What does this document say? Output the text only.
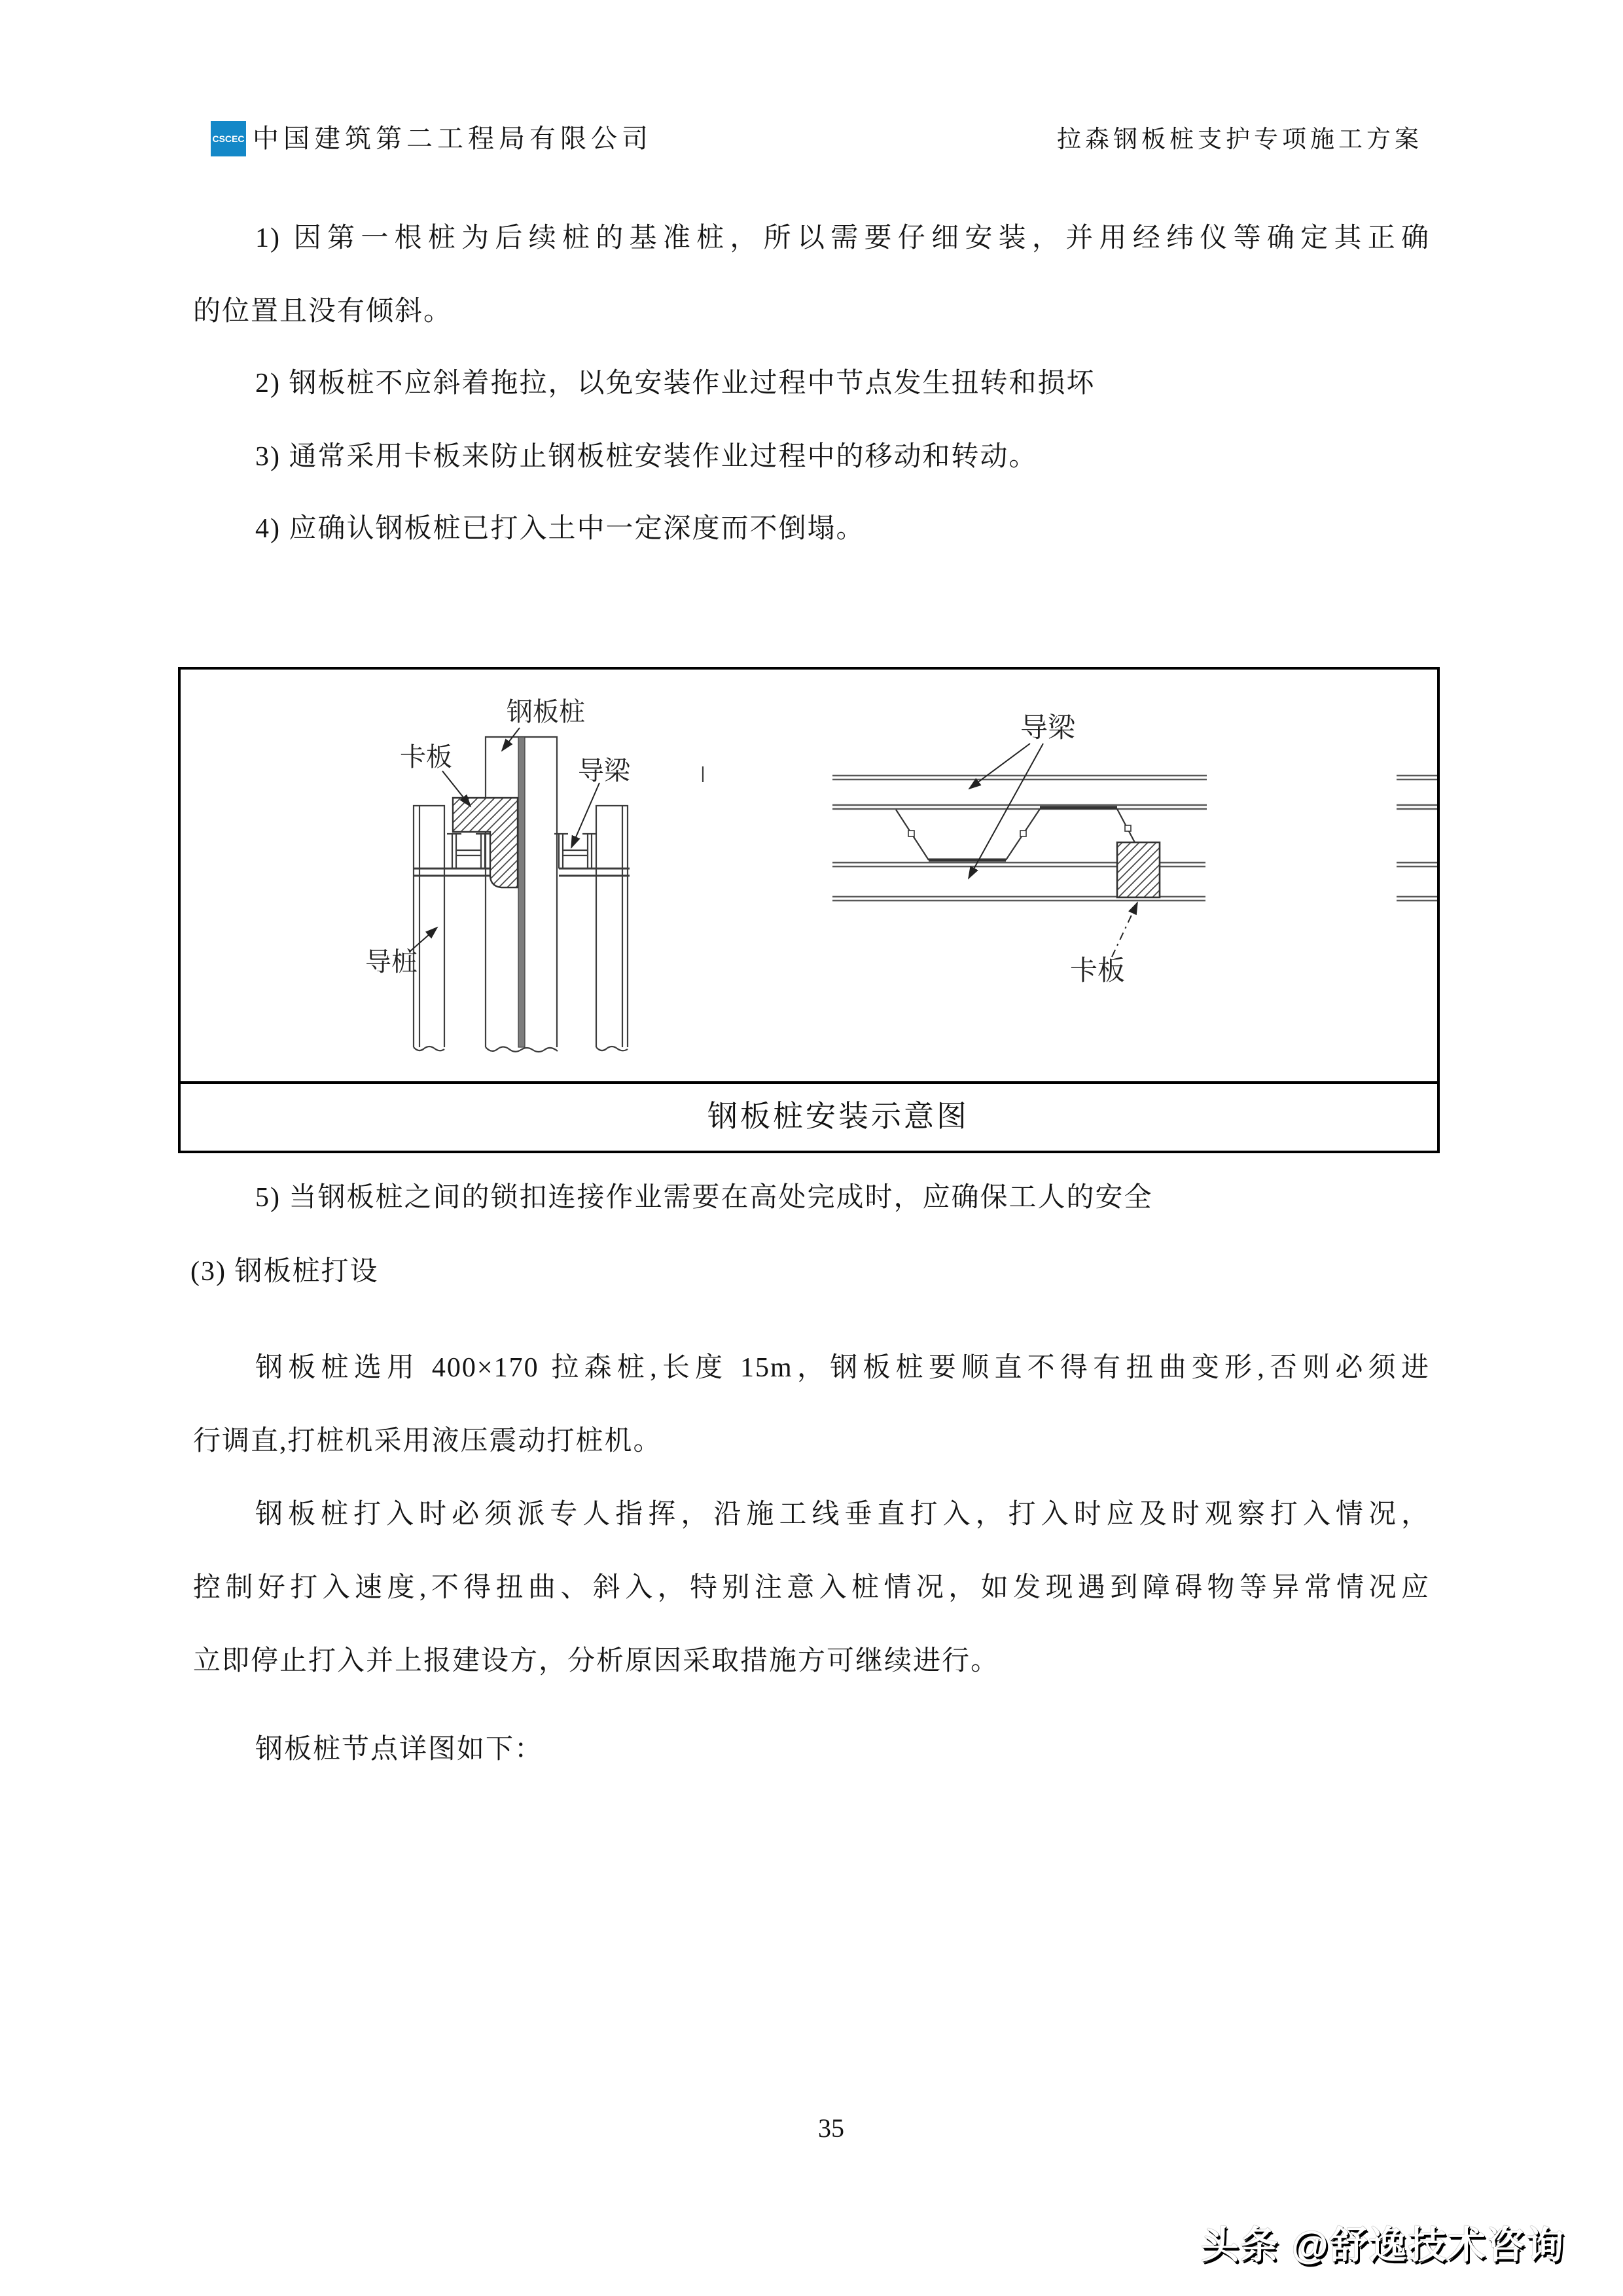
CSCEC 中国建筑第二工程局有限公司	拉森钢板桩支护专项施工方案
1) 因第一根桩为后续桩的基准桩，所以需要仔细安装，并用经纬仪等确定其正确
的位置且没有倾斜。
2) 钢板桩不应斜着拖拉，以免安装作业过程中节点发生扭转和损坏
3) 通常采用卡板来防止钢板桩安装作业过程中的移动和转动。
4) 应确认钢板桩已打入土中一定深度而不倒塌。
钢板桩
卡板	导梁
导桩
导梁
卡板
钢板桩安装示意图
5) 当钢板桩之间的锁扣连接作业需要在高处完成时，应确保工人的安全
(3) 钢板桩打设
钢板桩选用 400×170 拉森桩,长度 15m，钢板桩要顺直不得有扭曲变形,否则必须进
行调直,打桩机采用液压震动打桩机。
钢板桩打入时必须派专人指挥，沿施工线垂直打入，打入时应及时观察打入情况，
控制好打入速度,不得扭曲、斜入，特别注意入桩情况，如发现遇到障碍物等异常情况应
立即停止打入并上报建设方，分析原因采取措施方可继续进行。
钢板桩节点详图如下：
35
头条 @舒逸技术咨询
